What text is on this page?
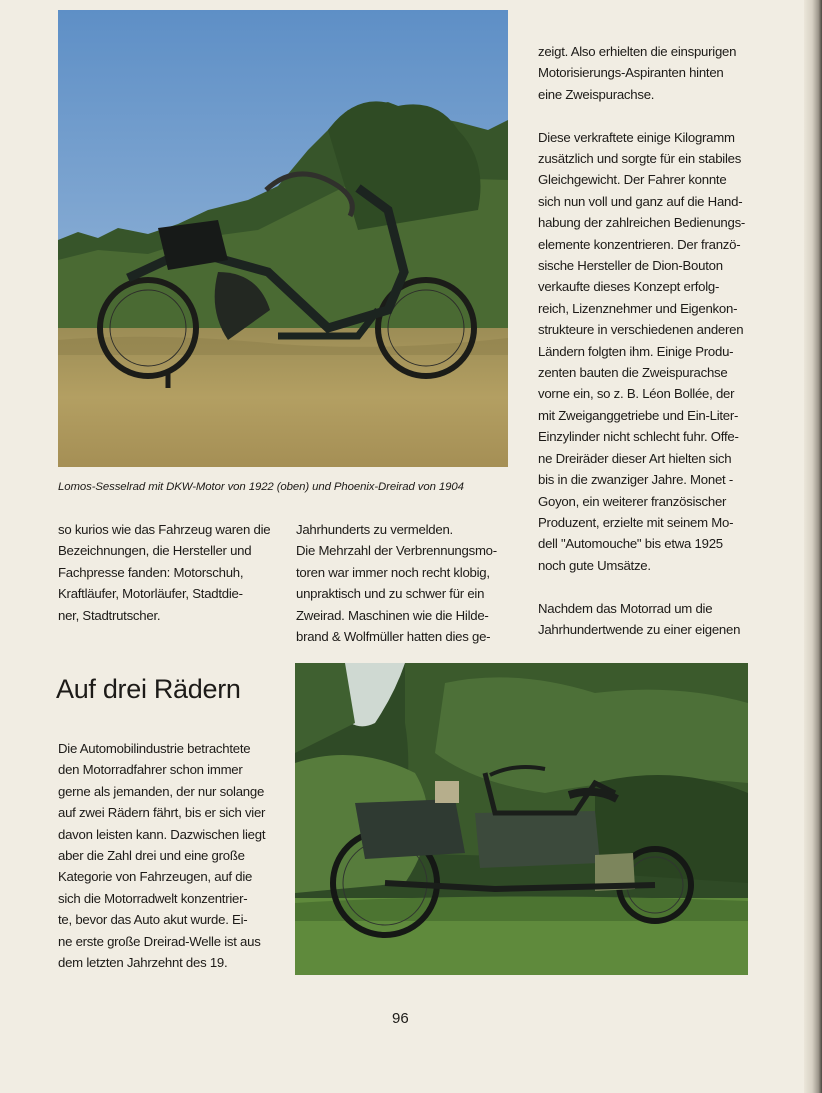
Lomos-Sesselrad mit DKW-Motor von 1922 (oben) und Phoenix-Dreirad von 1904

so kurios wie das Fahrzeug waren die
Bezeichnungen, die Hersteller und
Fachpresse fanden: Motorschuh,
Kraftläufer, Motorläufer, Stadtdie-
ner, Stadtrutscher.
Jahrhunderts zu vermelden.
Die Mehrzahl der Verbrennungsmo-
toren war immer noch recht klobig,
unpraktisch und zu schwer für ein
Zweirad. Maschinen wie die Hilde-
brand & Wolfmüller hatten dies ge-

zeigt. Also erhielten die einspurigen
Motorisierungs-Aspiranten hinten
eine Zweispurachse.

Diese verkraftete einige Kilogramm
zusätzlich und sorgte für ein stabiles
Gleichgewicht. Der Fahrer konnte
sich nun voll und ganz auf die Hand-
habung der zahlreichen Bedienungs-
elemente konzentrieren. Der franzö-
sische Hersteller de Dion-Bouton
verkaufte dieses Konzept erfolg-
reich, Lizenznehmer und Eigenkon-
strukteure in verschiedenen anderen
Ländern folgten ihm. Einige Produ-
zenten bauten die Zweispurachse
vorne ein, so z. B. Léon Bollée, der
mit Zweiganggetriebe und Ein-Liter-
Einzylinder nicht schlecht fuhr. Offe-
ne Dreiräder dieser Art hielten sich
bis in die zwanziger Jahre. Monet -
Goyon, ein weiterer französischer
Produzent, erzielte mit seinem Mo-
dell "Automouche" bis etwa 1925
noch gute Umsätze.

Nachdem das Motorrad um die
Jahrhundertwende zu einer eigenen

Auf drei Rädern
Die Automobilindustrie betrachtete
den Motorradfahrer schon immer
gerne als jemanden, der nur solange
auf zwei Rädern fährt, bis er sich vier
davon leisten kann. Dazwischen liegt
aber die Zahl drei und eine große
Kategorie von Fahrzeugen, auf die
sich die Motorradwelt konzentrier-
te, bevor das Auto akut wurde. Ei-
ne erste große Dreirad-Welle ist aus
dem letzten Jahrzehnt des 19.

96
